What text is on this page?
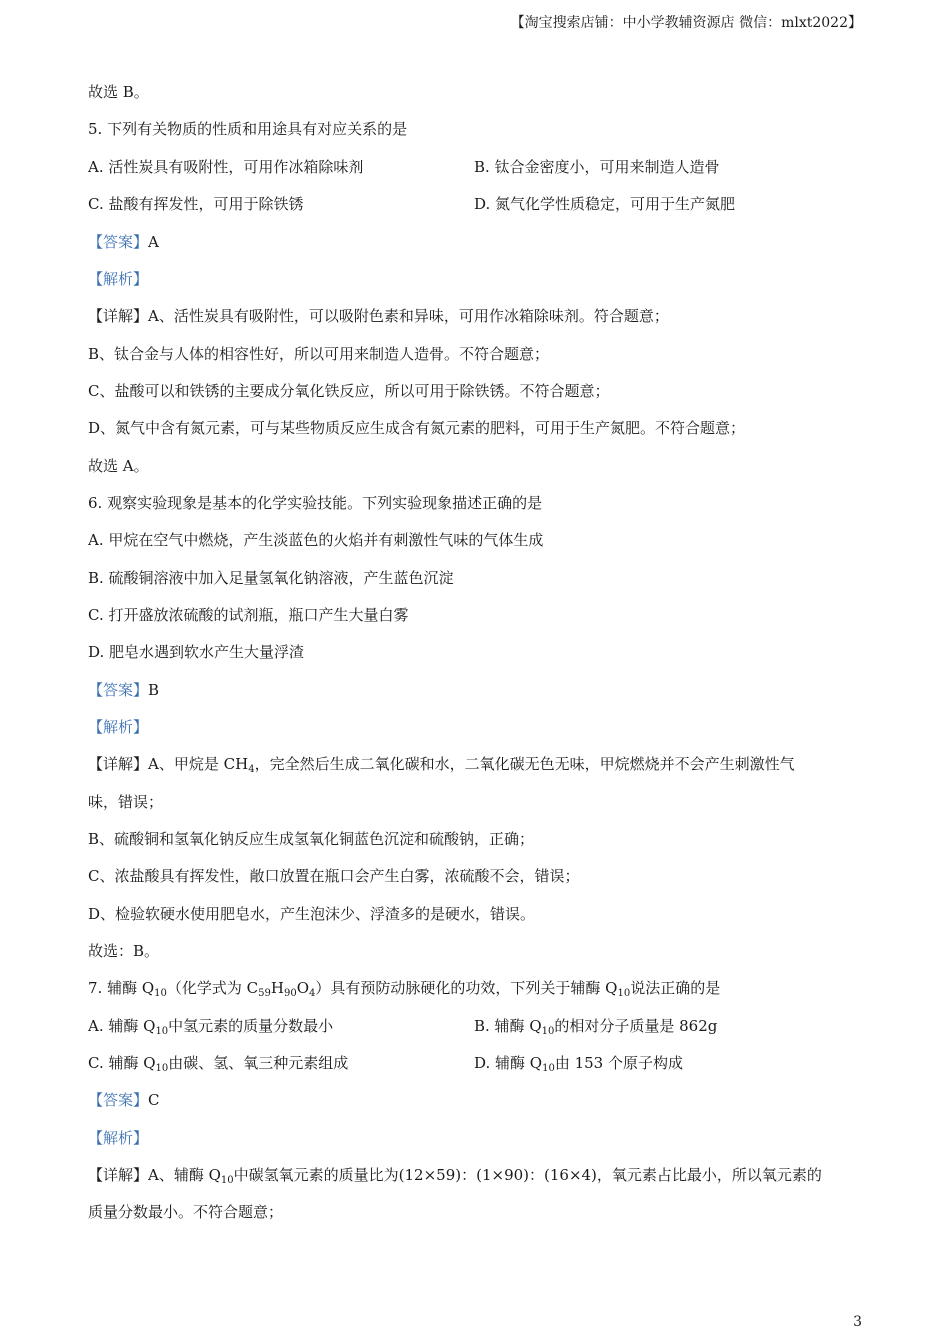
【淘宝搜索店铺：中小学教辅资源店 微信：mlxt2022】
故选 B。
5. 下列有关物质的性质和用途具有对应关系的是
A. 活性炭具有吸附性，可用作冰箱除味剂	B. 钛合金密度小，可用来制造人造骨
C. 盐酸有挥发性，可用于除铁锈	D. 氮气化学性质稳定，可用于生产氮肥
【答案】A
【解析】
【详解】A、活性炭具有吸附性，可以吸附色素和异味，可用作冰箱除味剂。符合题意；
B、钛合金与人体的相容性好，所以可用来制造人造骨。不符合题意；
C、盐酸可以和铁锈的主要成分氧化铁反应，所以可用于除铁锈。不符合题意；
D、氮气中含有氮元素，可与某些物质反应生成含有氮元素的肥料，可用于生产氮肥。不符合题意；
故选 A。
6. 观察实验现象是基本的化学实验技能。下列实验现象描述正确的是
A. 甲烷在空气中燃烧，产生淡蓝色的火焰并有刺激性气味的气体生成
B. 硫酸铜溶液中加入足量氢氧化钠溶液，产生蓝色沉淀
C. 打开盛放浓硫酸的试剂瓶，瓶口产生大量白雾
D. 肥皂水遇到软水产生大量浮渣
【答案】B
【解析】
【详解】A、甲烷是 $CH_4$，完全然后生成二氧化碳和水，二氧化碳无色无味，甲烷燃烧并不会产生刺激性气
味，错误；
B、硫酸铜和氢氧化钠反应生成氢氧化铜蓝色沉淀和硫酸钠，正确；
C、浓盐酸具有挥发性，敞口放置在瓶口会产生白雾，浓硫酸不会，错误；
D、检验软硬水使用肥皂水，产生泡沫少、浮渣多的是硬水，错误。
故选：B。
7. 辅酶 $Q_{10}$（化学式为 $C_{59}H_{90}O_4$）具有预防动脉硬化的功效，下列关于辅酶 $Q_{10}$说法正确的是
A. 辅酶 $Q_{10}$中氢元素的质量分数最小	B. 辅酶 $Q_{10}$的相对分子质量是 862g
C. 辅酶 $Q_{10}$由碳、氢、氧三种元素组成	D. 辅酶 $Q_{10}$由 153 个原子构成
【答案】C
【解析】
【详解】A、辅酶 $Q_{10}$中碳氢氧元素的质量比为(12×59)：(1×90)：(16×4)，氧元素占比最小，所以氧元素的
质量分数最小。不符合题意；
3
